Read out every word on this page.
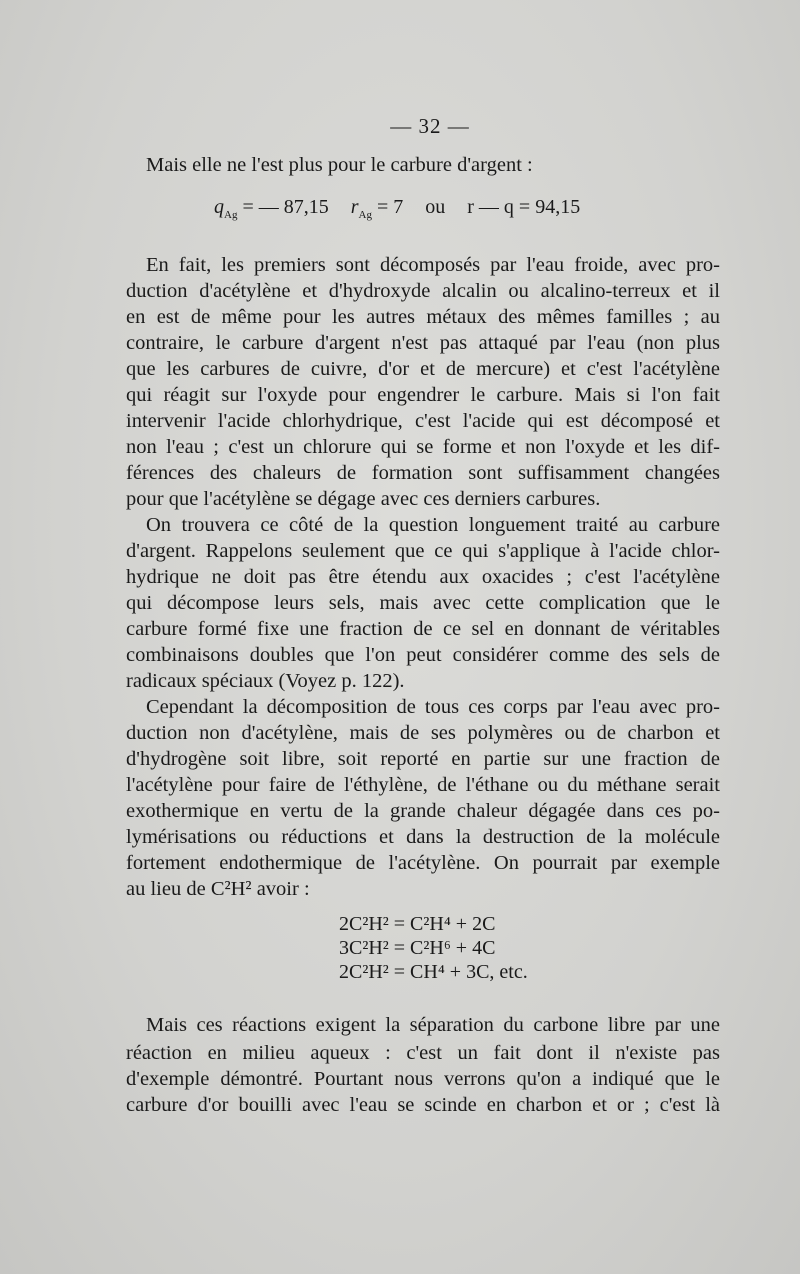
— 32 —
Mais elle ne l'est plus pour le carbure d'argent :
$q_{Ag}$ = — 87,15 $r_{Ag} = 7$ ou r — q = 94,15
En fait, les premiers sont décomposés par l'eau froide, avec pro-
duction d'acétylène et d'hydroxyde alcalin ou alcalino-terreux et il
en est de même pour les autres métaux des mêmes familles ; au
contraire, le carbure d'argent n'est pas attaqué par l'eau (non plus
que les carbures de cuivre, d'or et de mercure) et c'est l'acétylène
qui réagit sur l'oxyde pour engendrer le carbure. Mais si l'on fait
intervenir l'acide chlorhydrique, c'est l'acide qui est décomposé et
non l'eau ; c'est un chlorure qui se forme et non l'oxyde et les dif-
férences des chaleurs de formation sont suffisamment changées
pour que l'acétylène se dégage avec ces derniers carbures.
On trouvera ce côté de la question longuement traité au carbure
d'argent. Rappelons seulement que ce qui s'applique à l'acide chlor-
hydrique ne doit pas être étendu aux oxacides ; c'est l'acétylène
qui décompose leurs sels, mais avec cette complication que le
carbure formé fixe une fraction de ce sel en donnant de véritables
combinaisons doubles que l'on peut considérer comme des sels de
radicaux spéciaux (Voyez p. 122).
Cependant la décomposition de tous ces corps par l'eau avec pro-
duction non d'acétylène, mais de ses polymères ou de charbon et
d'hydrogène soit libre, soit reporté en partie sur une fraction de
l'acétylène pour faire de l'éthylène, de l'éthane ou du méthane serait
exothermique en vertu de la grande chaleur dégagée dans ces po-
lymérisations ou réductions et dans la destruction de la molécule
fortement endothermique de l'acétylène. On pourrait par exemple
au lieu de C²H² avoir :
2C²H² = C²H⁴ + 2C
3C²H² = C²H⁶ + 4C
2C²H² = CH⁴ + 3C, etc.
Mais ces réactions exigent la séparation du carbone libre par une
réaction en milieu aqueux : c'est un fait dont il n'existe pas
d'exemple démontré. Pourtant nous verrons qu'on a indiqué que le
carbure d'or bouilli avec l'eau se scinde en charbon et or ; c'est là
